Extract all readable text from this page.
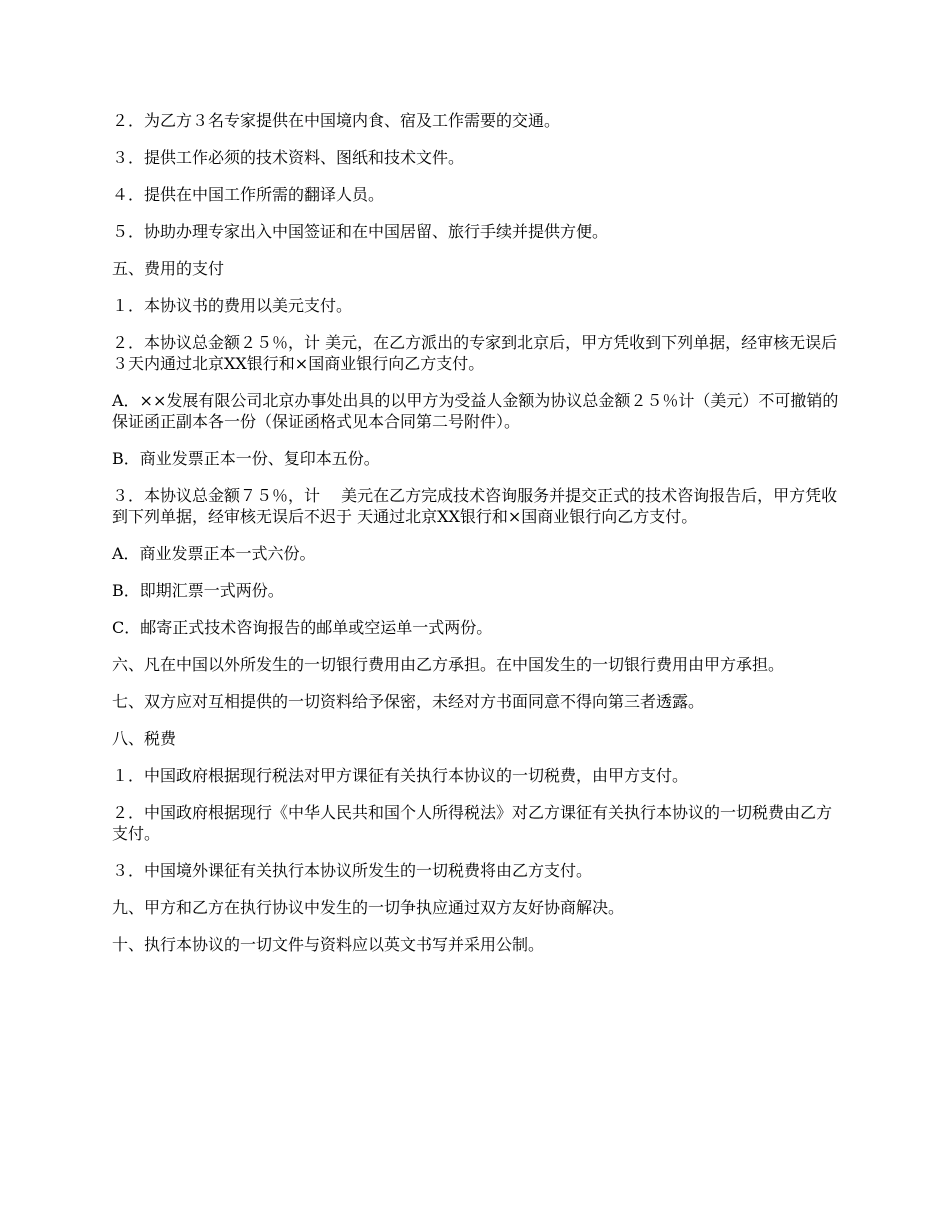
２．为乙方３名专家提供在中国境内食、宿及工作需要的交通。

３．提供工作必须的技术资料、图纸和技术文件。

４．提供在中国工作所需的翻译人员。

５．协助办理专家出入中国签证和在中国居留、旅行手续并提供方便。

五、费用的支付

１．本协议书的费用以美元支付。

２．本协议总金额２５％，计 美元，在乙方派出的专家到北京后，甲方凭收到下列单据，经审核无误后３天内通过北京XX银行和×国商业银行向乙方支付。

A．××发展有限公司北京办事处出具的以甲方为受益人金额为协议总金额２５％计（美元）不可撤销的保证函正副本各一份（保证函格式见本合同第二号附件）。

B．商业发票正本一份、复印本五份。

３．本协议总金额７５％，计　 美元在乙方完成技术咨询服务并提交正式的技术咨询报告后，甲方凭收到下列单据，经审核无误后不迟于 天通过北京XX银行和×国商业银行向乙方支付。

A．商业发票正本一式六份。

B．即期汇票一式两份。

C．邮寄正式技术咨询报告的邮单或空运单一式两份。

六、凡在中国以外所发生的一切银行费用由乙方承担。在中国发生的一切银行费用由甲方承担。

七、双方应对互相提供的一切资料给予保密，未经对方书面同意不得向第三者透露。

八、税费

１．中国政府根据现行税法对甲方课征有关执行本协议的一切税费，由甲方支付。

２．中国政府根据现行《中华人民共和国个人所得税法》对乙方课征有关执行本协议的一切税费由乙方支付。

３．中国境外课征有关执行本协议所发生的一切税费将由乙方支付。

九、甲方和乙方在执行协议中发生的一切争执应通过双方友好协商解决。

十、执行本协议的一切文件与资料应以英文书写并采用公制。
